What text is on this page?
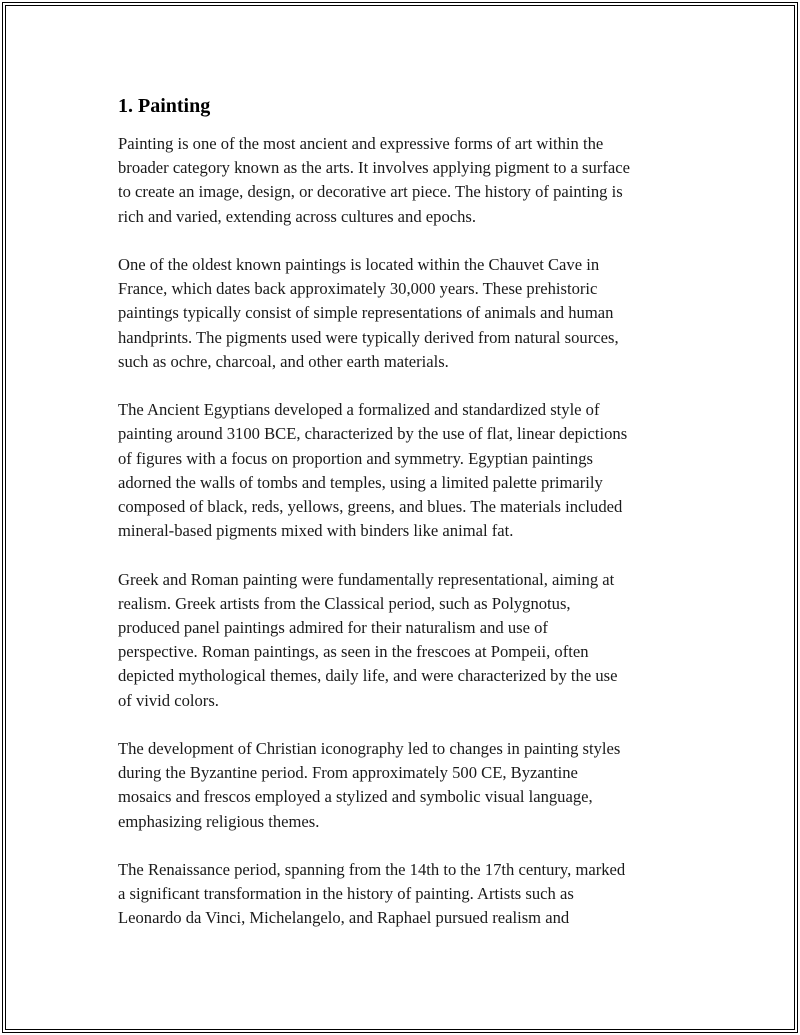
1. Painting

Painting is one of the most ancient and expressive forms of art within the
broader category known as the arts. It involves applying pigment to a surface
to create an image, design, or decorative art piece. The history of painting is
rich and varied, extending across cultures and epochs.

One of the oldest known paintings is located within the Chauvet Cave in
France, which dates back approximately 30,000 years. These prehistoric
paintings typically consist of simple representations of animals and human
handprints. The pigments used were typically derived from natural sources,
such as ochre, charcoal, and other earth materials.

The Ancient Egyptians developed a formalized and standardized style of
painting around 3100 BCE, characterized by the use of flat, linear depictions
of figures with a focus on proportion and symmetry. Egyptian paintings
adorned the walls of tombs and temples, using a limited palette primarily
composed of black, reds, yellows, greens, and blues. The materials included
mineral-based pigments mixed with binders like animal fat.

Greek and Roman painting were fundamentally representational, aiming at
realism. Greek artists from the Classical period, such as Polygnotus,
produced panel paintings admired for their naturalism and use of
perspective. Roman paintings, as seen in the frescoes at Pompeii, often
depicted mythological themes, daily life, and were characterized by the use
of vivid colors.

The development of Christian iconography led to changes in painting styles
during the Byzantine period. From approximately 500 CE, Byzantine
mosaics and frescos employed a stylized and symbolic visual language,
emphasizing religious themes.

The Renaissance period, spanning from the 14th to the 17th century, marked
a significant transformation in the history of painting. Artists such as
Leonardo da Vinci, Michelangelo, and Raphael pursued realism and
